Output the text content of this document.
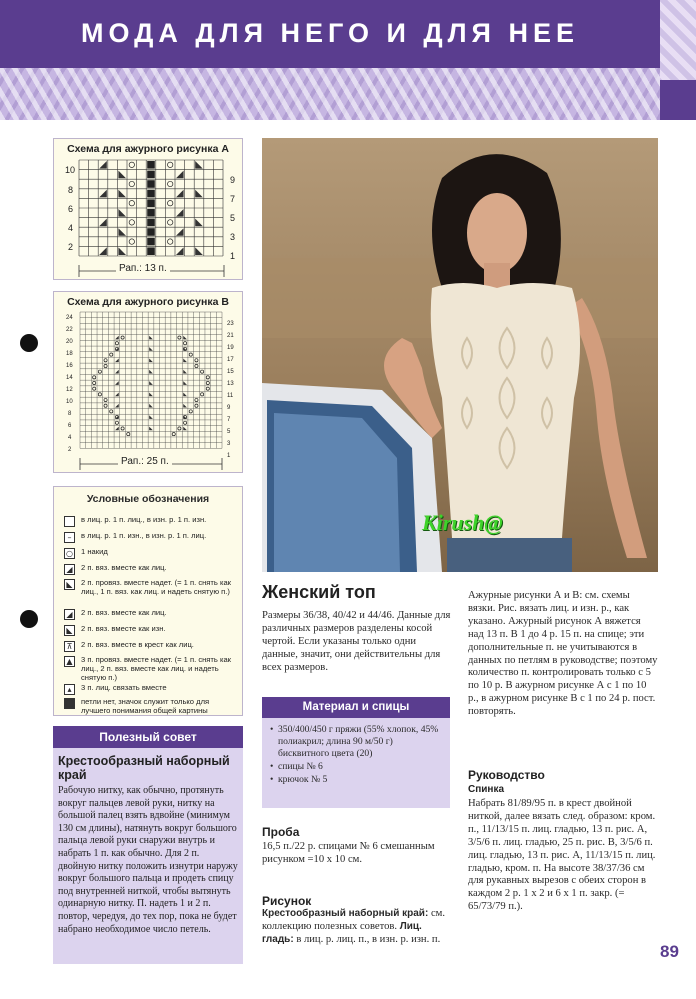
МОДА ДЛЯ НЕГО И ДЛЯ НЕЕ
Схема для ажурного рисунка А
10
8
6
4
2
9
7
5
3
1
Рап.: 13 п.
Схема для ажурного рисунка В
24
22
20
18
16
14
12
10
8
6
4
2
23
21
19
17
15
13
11
9
7
5
3
1
Рап.: 25 п.
Условные обозначения
в лиц. р. 1 п. лиц., в изн. р. 1 п. изн.
–	в лиц. р. 1 п. изн., в изн. р. 1 п. лиц.
○ 1 накид
◢	2 п. вяз. вместе как лиц.
◣	2 п. провяз. вместе надет. (= 1 п. снять как лиц., 1 п. вяз. как лиц. и надеть снятую п.)
◢	2 п. вяз. вместе как лиц.
◣	2 п. вяз. вместе как изн.
⊼	2 п. вяз. вместе в крест как лиц.
▲	3 п. провяз. вместе надет. (= 1 п. снять как лиц., 2 п. вяз. вместе как лиц. и надеть снятую п.)
▴	3 п. лиц. связать вместе
■ петли нет, значок служит только для лучшего понимания общей картины
Полезный совет
Крестообразный наборный край
Рабочую нитку, как обычно, протянуть вокруг пальцев левой руки, нитку на большой палец взять вдвойне (минимум 130 см длины), натянуть вокруг большого пальца левой руки снаружи внутрь и набрать 1 п. как обычно. Для 2 п. двойную нитку положить изнутри наружу вокруг большого пальца и продеть спицу под внутренней ниткой, чтобы вытянуть одинарную нитку. П. надеть 1 и 2 п. повтор, чередуя, до тех пор, пока не будет набрано необходимое число петель.
Kirush@
Женский топ
Размеры 36/38, 40/42 и 44/46. Данные для различных размеров разделены косой чертой. Если указаны только одни данные, значит, они действительны для всех размеров.
Материал и спицы
• 350/400/450 г пряжи (55% хлопок, 45% полиакрил; длина 90 м/50 г) бисквитного цвета (20)
• спицы № 6
• крючок № 5
Проба
16,5 п./22 р. спицами № 6 смешанным рисунком =10 х 10 см.
Рисунок
Крестообразный наборный край: см. коллекцию полезных советов. Лиц. гладь: в лиц. р. лиц. п., в изн. р. изн. п.
Ажурные рисунки А и В: см. схемы вязки. Рис. вязать лиц. и изн. р., как указано. Ажурный рисунок А вяжется над 13 п. В 1 до 4 р. 15 п. на спице; эти дополнительные п. не учитываются в данных по петлям в руководстве; поэтому количество п. контролировать только с 5 по 10 р. В ажурном рисунке А с 1 по 10 р., в ажурном рисунке В с 1 по 24 р. пост. повторять.
Руководство
Спинка
Набрать 81/89/95 п. в крест двойной ниткой, далее вязать след. образом: кром. п., 11/13/15 п. лиц. гладью, 13 п. рис. А, 3/5/6 п. лиц. гладью, 25 п. рис. В, 3/5/6 п. лиц. гладью, 13 п. рис. А, 11/13/15 п. лиц. гладью, кром. п. На высоте 38/37/36 см для рукавных вырезов с обеих сторон в каждом 2 р. 1 х 2 и 6 х 1 п. закр. (= 65/73/79 п.).
89
